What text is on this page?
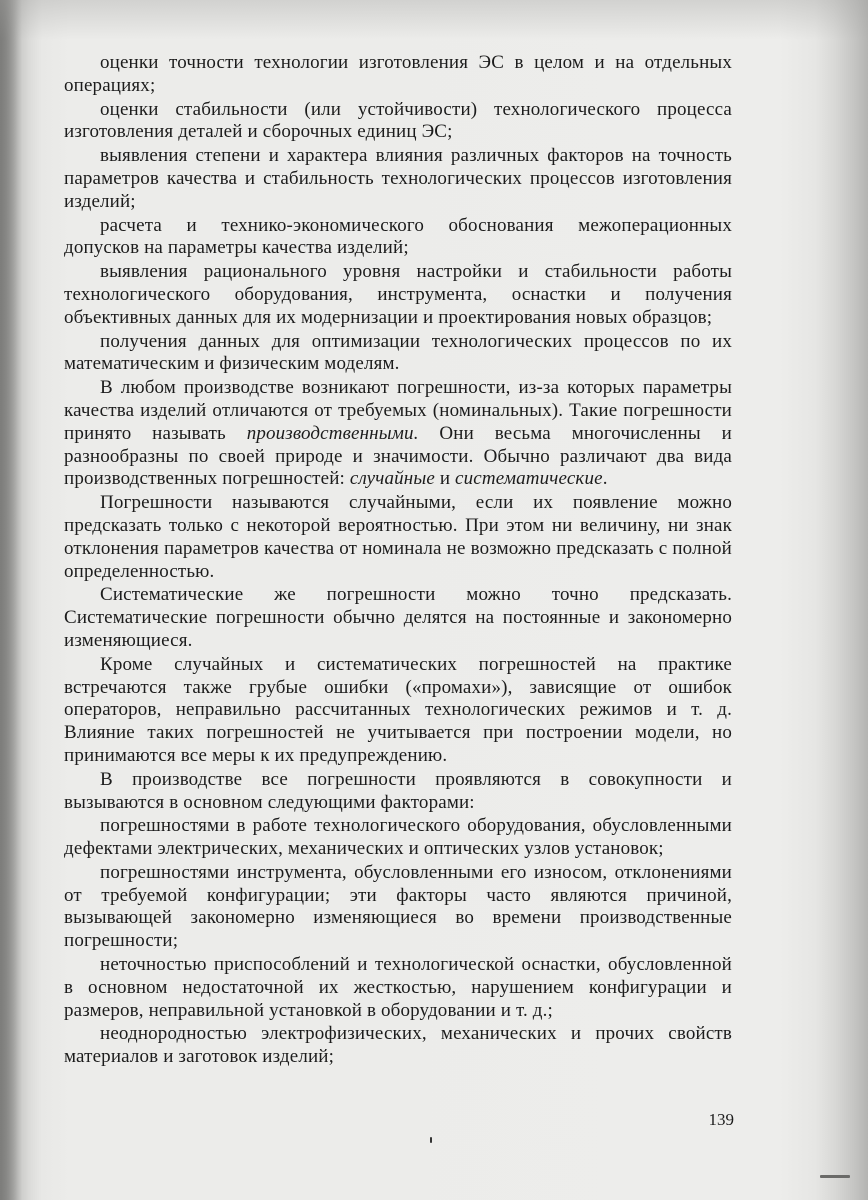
оценки точности технологии изготовления ЭС в целом и на отдельных операциях;

оценки стабильности (или устойчивости) технологического процесса изготовления деталей и сборочных единиц ЭС;

выявления степени и характера влияния различных факторов на точность параметров качества и стабильность технологических процессов изготовления изделий;

расчета и технико-экономического обоснования межоперационных допусков на параметры качества изделий;

выявления рационального уровня настройки и стабильности работы технологического оборудования, инструмента, оснастки и получения объективных данных для их модернизации и проектирования новых образцов;

получения данных для оптимизации технологических процессов по их математическим и физическим моделям.

В любом производстве возникают погрешности, из-за которых параметры качества изделий отличаются от требуемых (номинальных). Такие погрешности принято называть производственными. Они весьма многочисленны и разнообразны по своей природе и значимости. Обычно различают два вида производственных погрешностей: случайные и систематические.

Погрешности называются случайными, если их появление можно предсказать только с некоторой вероятностью. При этом ни величину, ни знак отклонения параметров качества от номинала не возможно предсказать с полной определенностью.

Систематические же погрешности можно точно предсказать. Систематические погрешности обычно делятся на постоянные и закономерно изменяющиеся.

Кроме случайных и систематических погрешностей на практике встречаются также грубые ошибки («промахи»), зависящие от ошибок операторов, неправильно рассчитанных технологических режимов и т. д. Влияние таких погрешностей не учитывается при построении модели, но принимаются все меры к их предупреждению.

В производстве все погрешности проявляются в совокупности и вызываются в основном следующими факторами:

погрешностями в работе технологического оборудования, обусловленными дефектами электрических, механических и оптических узлов установок;

погрешностями инструмента, обусловленными его износом, отклонениями от требуемой конфигурации; эти факторы часто являются причиной, вызывающей закономерно изменяющиеся во времени производственные погрешности;

неточностью приспособлений и технологической оснастки, обусловленной в основном недостаточной их жесткостью, нарушением конфигурации и размеров, неправильной установкой в оборудовании и т. д.;

неоднородностью электрофизических, механических и прочих свойств материалов и заготовок изделий;

139
